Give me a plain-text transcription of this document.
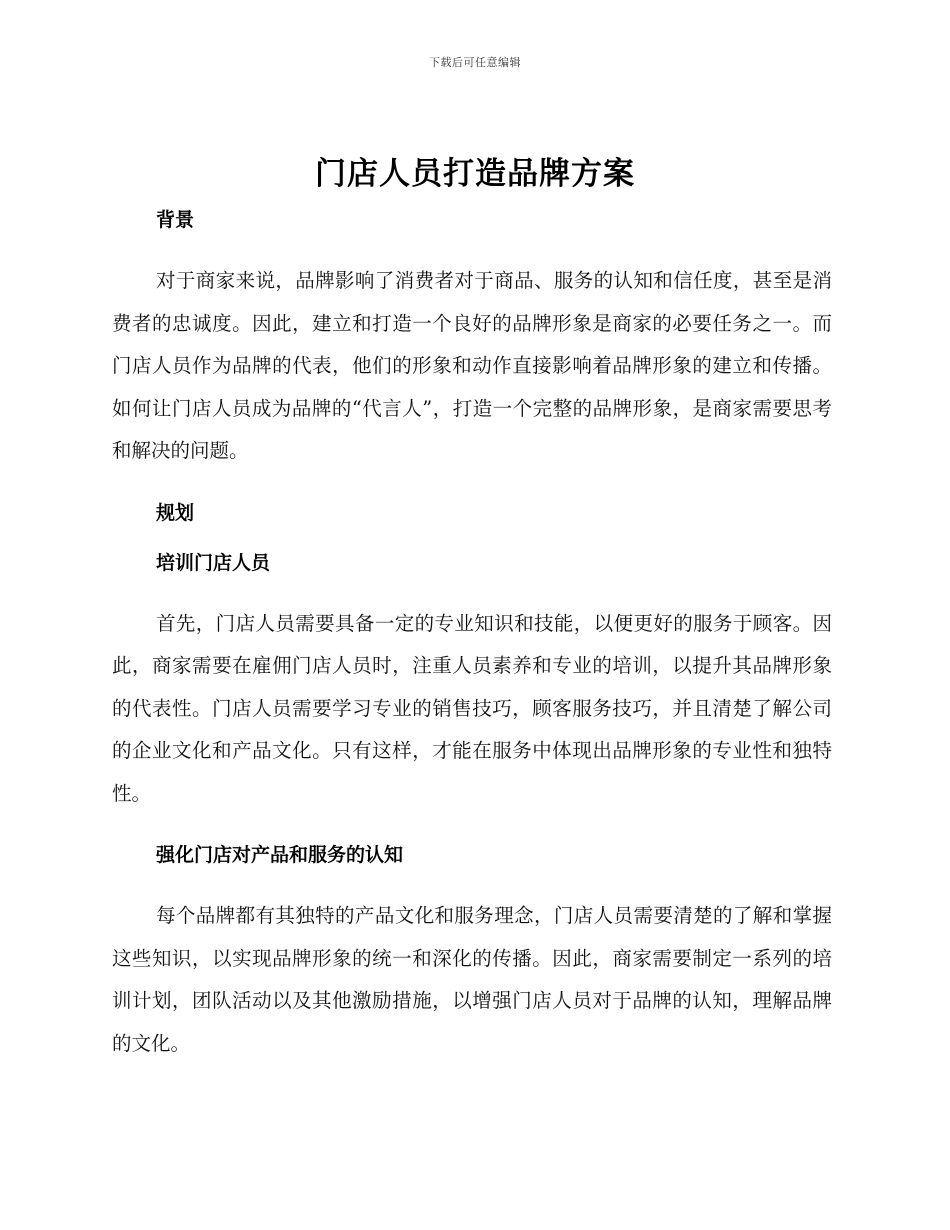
下载后可任意编辑
门店人员打造品牌方案
背景

对于商家来说，品牌影响了消费者对于商品、服务的认知和信任度，甚至是消费者的忠诚度。因此，建立和打造一个良好的品牌形象是商家的必要任务之一。而门店人员作为品牌的代表，他们的形象和动作直接影响着品牌形象的建立和传播。如何让门店人员成为品牌的“代言人”，打造一个完整的品牌形象，是商家需要思考和解决的问题。

规划
培训门店人员

首先，门店人员需要具备一定的专业知识和技能，以便更好的服务于顾客。因此，商家需要在雇佣门店人员时，注重人员素养和专业的培训，以提升其品牌形象的代表性。门店人员需要学习专业的销售技巧，顾客服务技巧，并且清楚了解公司的企业文化和产品文化。只有这样，才能在服务中体现出品牌形象的专业性和独特性。

强化门店对产品和服务的认知

每个品牌都有其独特的产品文化和服务理念，门店人员需要清楚的了解和掌握这些知识，以实现品牌形象的统一和深化的传播。因此，商家需要制定一系列的培训计划，团队活动以及其他激励措施，以增强门店人员对于品牌的认知，理解品牌的文化。
